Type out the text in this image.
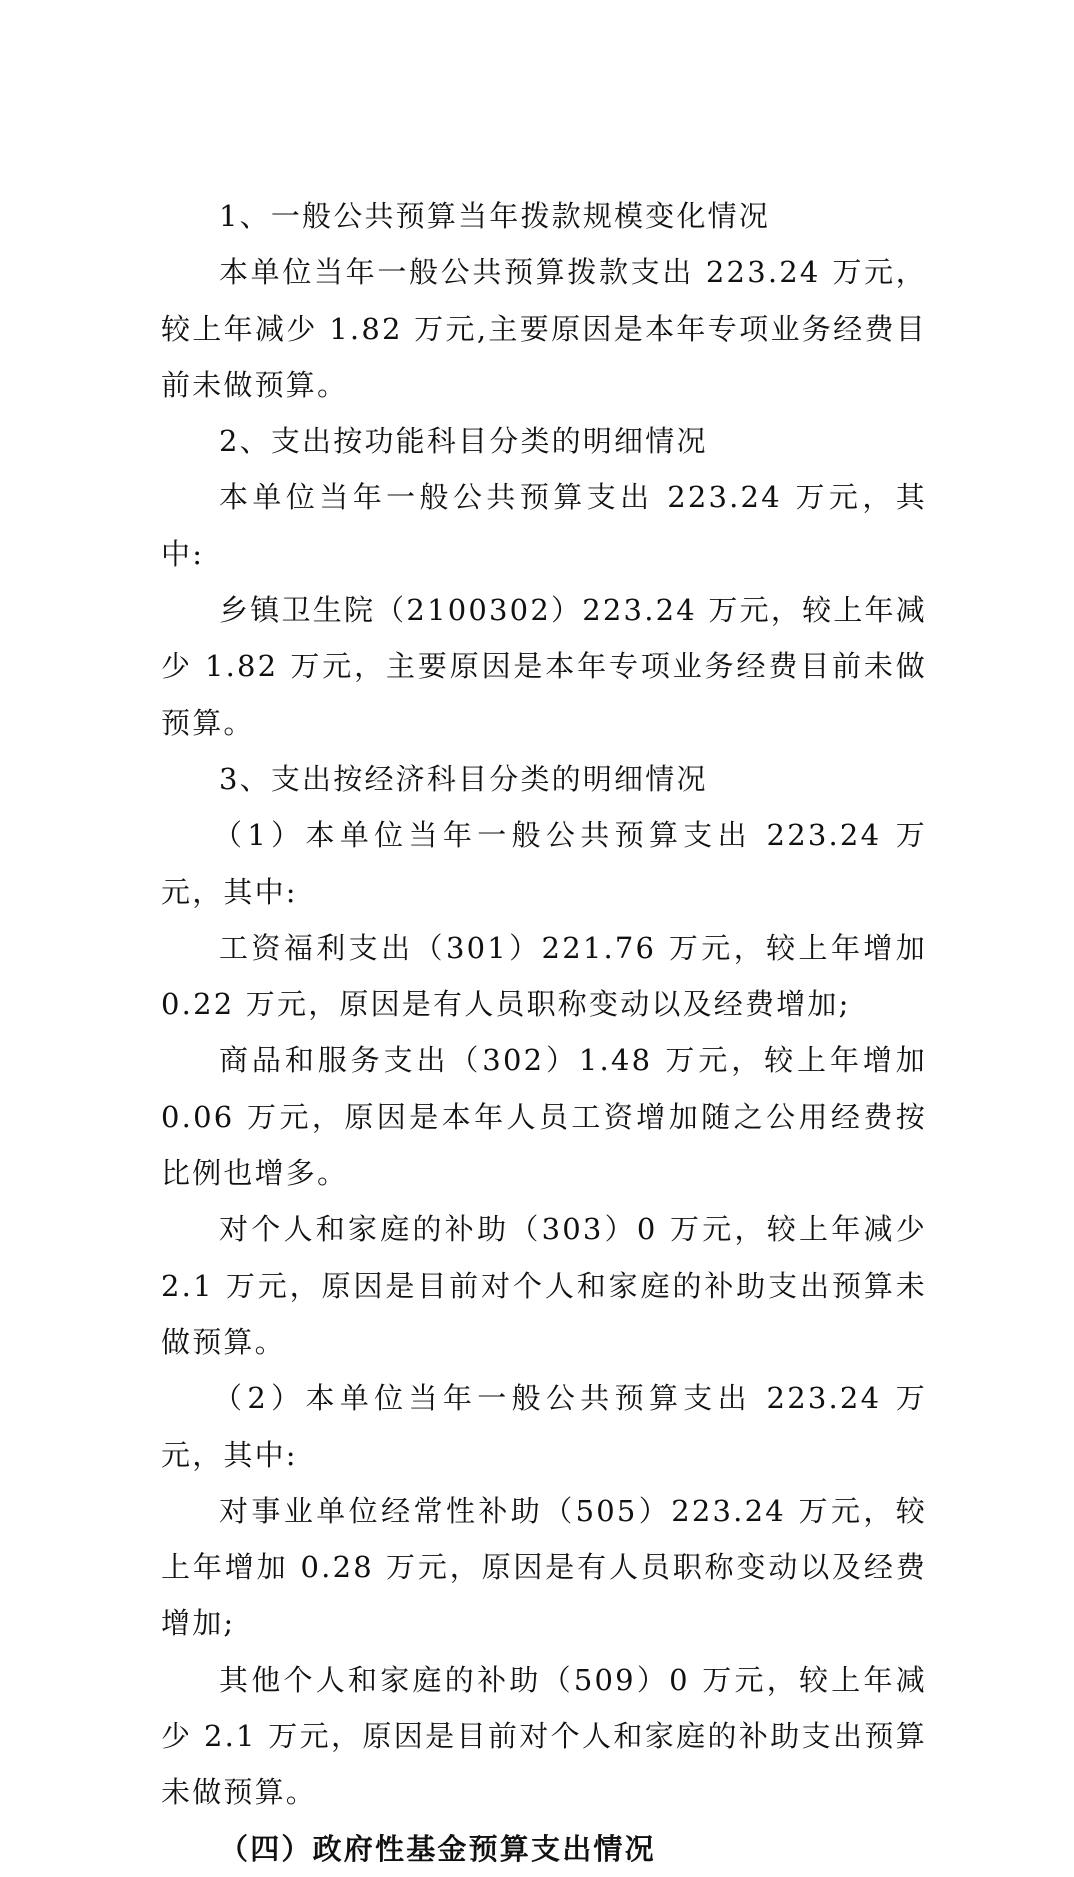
1、一般公共预算当年拨款规模变化情况

本单位当年一般公共预算拨款支出 223.24 万元，较上年减少 1.82 万元,主要原因是本年专项业务经费目前未做预算。

2、支出按功能科目分类的明细情况

本单位当年一般公共预算支出 223.24 万元，其中:

乡镇卫生院（2100302）223.24 万元，较上年减少 1.82 万元，主要原因是本年专项业务经费目前未做预算。

3、支出按经济科目分类的明细情况

（1）本单位当年一般公共预算支出 223.24 万元，其中:

工资福利支出（301）221.76 万元，较上年增加 0.22 万元，原因是有人员职称变动以及经费增加;

商品和服务支出（302）1.48 万元，较上年增加 0.06 万元，原因是本年人员工资增加随之公用经费按比例也增多。

对个人和家庭的补助（303）0 万元，较上年减少 2.1 万元，原因是目前对个人和家庭的补助支出预算未做预算。

（2）本单位当年一般公共预算支出 223.24 万元，其中:

对事业单位经常性补助（505）223.24 万元，较上年增加 0.28 万元，原因是有人员职称变动以及经费增加;

其他个人和家庭的补助（509）0 万元，较上年减少 2.1 万元，原因是目前对个人和家庭的补助支出预算未做预算。

（四）政府性基金预算支出情况
